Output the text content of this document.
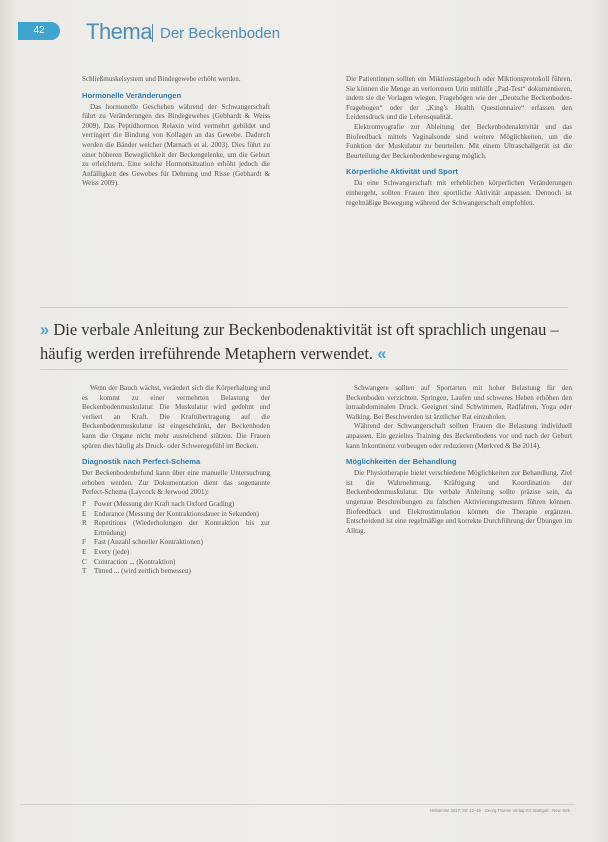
42	Thema Der Beckenboden

Schließmuskelsystem und Bindegewebe erhöht werden.

Hormonelle Veränderungen

Das hormonelle Geschehen während der Schwangerschaft führt zu Veränderungen des Bindegewebes (Gebhardt & Weiss 2009). Das Peptidhormon Relaxin wird vermehrt gebildet und verringert die Bindung von Kollagen an das Gewebe. Dadurch werden die Bänder weicher (Marnach et al. 2003). Dies führt zu einer höheren Beweglichkeit der Beckengelenke, um die Geburt zu erleichtern. Eine solche Hormonsituation erhöht jedoch die Anfälligkeit des Gewebes für Dehnung und Risse (Gebhardt & Weiss 2009).

Die Patientinnen sollten ein Miktionstagebuch oder Miktionsprotokoll führen. Sie können die Menge an verlorenem Urin mithilfe „Pad-Test“ dokumentieren, indem sie die Vorlagen wiegen. Fragebögen wie der „Deutsche Beckenboden-Fragebogen“ oder der „King’s Health Questionnaire“ erfassen den Leidensdruck und die Lebensqualität.

Elektromyografie zur Ableitung der Beckenbodenaktivität und das Biofeedback mittels Vaginalsonde sind weitere Möglichkeiten, um die Funktion der Muskulatur zu beurteilen. Mit einem Ultraschallgerät ist die Beurteilung der Beckenbodenbewegung möglich.

Körperliche Aktivität und Sport

Da eine Schwangerschaft mit erheblichen körperlichen Veränderungen einhergeht, sollten Frauen ihre sportliche Aktivität anpassen. Dennoch ist regelmäßige Bewegung während der Schwangerschaft empfohlen.

» Die verbale Anleitung zur Beckenbodenaktivität ist oft sprachlich ungenau – häufig werden irreführende Metaphern verwendet. «

Wenn der Bauch wächst, verändert sich die Körperhaltung und es kommt zu einer vermehrten Belastung der Beckenbodenmuskulatur. Die Muskulatur wird gedehnt und verliert an Kraft. Die Kraftübertragung auf die Beckenbodenmuskulatur ist eingeschränkt, der Beckenboden kann die Organe nicht mehr ausreichend stützen. Die Frauen spüren dies häufig als Druck- oder Schweregefühl im Becken.

Diagnostik nach Perfect-Schema

Der Beckenbodenbefund kann über eine manuelle Untersuchung erhoben werden. Zur Dokumentation dient das sogenannte Perfect-Schema (Laycock & Jerwood 2001):

P	Power (Messung der Kraft nach Oxford Grading)
E	Endurance (Messung der Kontraktionsdauer in Sekunden)
R	Repetitions (Wiederholungen der Kontraktion bis zur Ermüdung)
F	Fast (Anzahl schneller Kontraktionen)
E	Every (jede)
C	Contraction ... (Kontraktion)
T	Timed ... (wird zeitlich bemessen)

Schwangere sollten auf Sportarten mit hoher Belastung für den Beckenboden verzichten. Springen, Laufen und schweres Heben erhöhen den intraabdominalen Druck. Geeignet sind Schwimmen, Radfahren, Yoga oder Walking. Bei Beschwerden ist ärztlicher Rat einzuholen.

Während der Schwangerschaft sollten Frauen die Belastung individuell anpassen. Ein gezieltes Training des Beckenbodens vor und nach der Geburt kann Inkontinenz vorbeugen oder reduzieren (Mørkved & Bø 2014).

Möglichkeiten der Behandlung

Die Physiotherapie bietet verschiedene Möglichkeiten zur Behandlung. Ziel ist die Wahrnehmung, Kräftigung und Koordination der Beckenbodenmuskulatur. Die verbale Anleitung sollte präzise sein, da ungenaue Beschreibungen zu falschen Aktivierungsmustern führen können. Biofeedback und Elektrostimulation können die Therapie ergänzen. Entscheidend ist eine regelmäßige und korrekte Durchführung der Übungen im Alltag.

Hebamme 2017; 30: 42–49 · Georg Thieme Verlag KG Stuttgart · New York
